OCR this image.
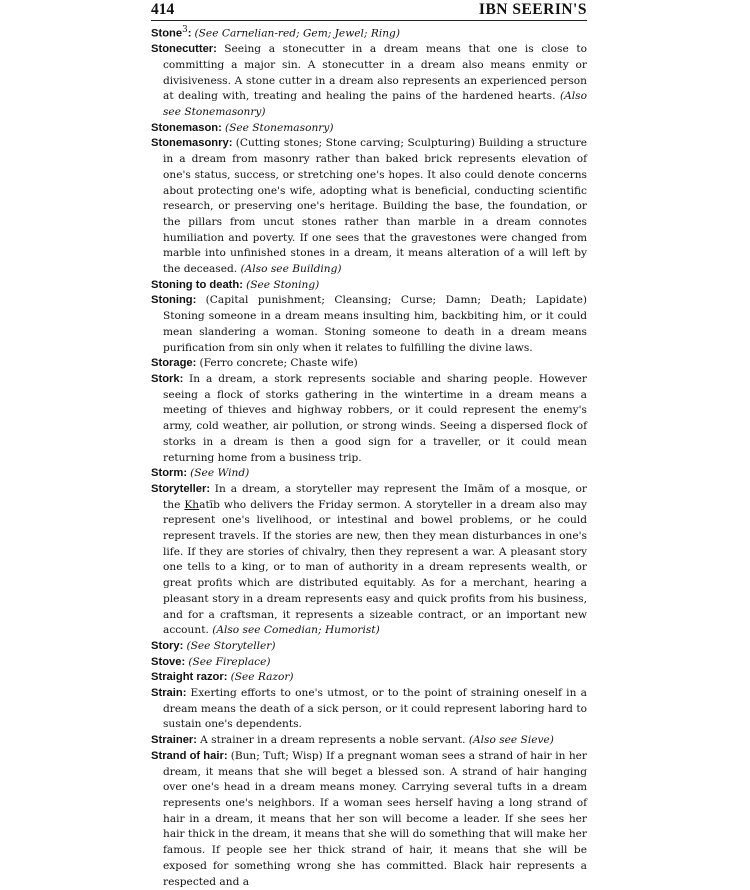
414	IBN SEERIN'S

Stone$^3$: (See Carnelian-red; Gem; Jewel; Ring)

Stonecutter: Seeing a stonecutter in a dream means that one is close to committing a major sin. A stonecutter in a dream also means enmity or divisiveness. A stone cutter in a dream also represents an experienced person at dealing with, treating and healing the pains of the hardened hearts. (Also see Stonemasonry)

Stonemason: (See Stonemasonry)

Stonemasonry: (Cutting stones; Stone carving; Sculpturing) Building a structure in a dream from masonry rather than baked brick represents elevation of one's status, success, or stretching one's hopes. It also could denote concerns about protecting one's wife, adopting what is beneficial, conducting scientific research, or preserving one's heritage. Building the base, the foundation, or the pillars from uncut stones rather than marble in a dream connotes humiliation and poverty. If one sees that the gravestones were changed from marble into unfinished stones in a dream, it means alteration of a will left by the deceased. (Also see Building)

Stoning to death: (See Stoning)

Stoning: (Capital punishment; Cleansing; Curse; Damn; Death; Lapidate) Stoning someone in a dream means insulting him, backbiting him, or it could mean slandering a woman. Stoning someone to death in a dream means purification from sin only when it relates to fulfilling the divine laws.

Storage: (Ferro concrete; Chaste wife)

Stork: In a dream, a stork represents sociable and sharing people. However seeing a flock of storks gathering in the wintertime in a dream means a meeting of thieves and highway robbers, or it could represent the enemy's army, cold weather, air pollution, or strong winds. Seeing a dispersed flock of storks in a dream is then a good sign for a traveller, or it could mean returning home from a business trip.

Storm: (See Wind)

Storyteller: In a dream, a storyteller may represent the Imām of a mosque, or the Khatīb who delivers the Friday sermon. A storyteller in a dream also may represent one's livelihood, or intestinal and bowel problems, or he could represent travels. If the stories are new, then they mean disturbances in one's life. If they are stories of chivalry, then they represent a war. A pleasant story one tells to a king, or to man of authority in a dream represents wealth, or great profits which are distributed equitably. As for a merchant, hearing a pleasant story in a dream represents easy and quick profits from his business, and for a craftsman, it represents a sizeable contract, or an important new account. (Also see Comedian; Humorist)

Story: (See Storyteller)

Stove: (See Fireplace)

Straight razor: (See Razor)

Strain: Exerting efforts to one's utmost, or to the point of straining oneself in a dream means the death of a sick person, or it could represent laboring hard to sustain one's dependents.

Strainer: A strainer in a dream represents a noble servant. (Also see Sieve)

Strand of hair: (Bun; Tuft; Wisp) If a pregnant woman sees a strand of hair in her dream, it means that she will beget a blessed son. A strand of hair hanging over one's head in a dream means money. Carrying several tufts in a dream represents one's neighbors. If a woman sees herself having a long strand of hair in a dream, it means that her son will become a leader. If she sees her hair thick in the dream, it means that she will do something that will make her famous. If people see her thick strand of hair, it means that she will be exposed for something wrong she has committed. Black hair represents a respected and a
